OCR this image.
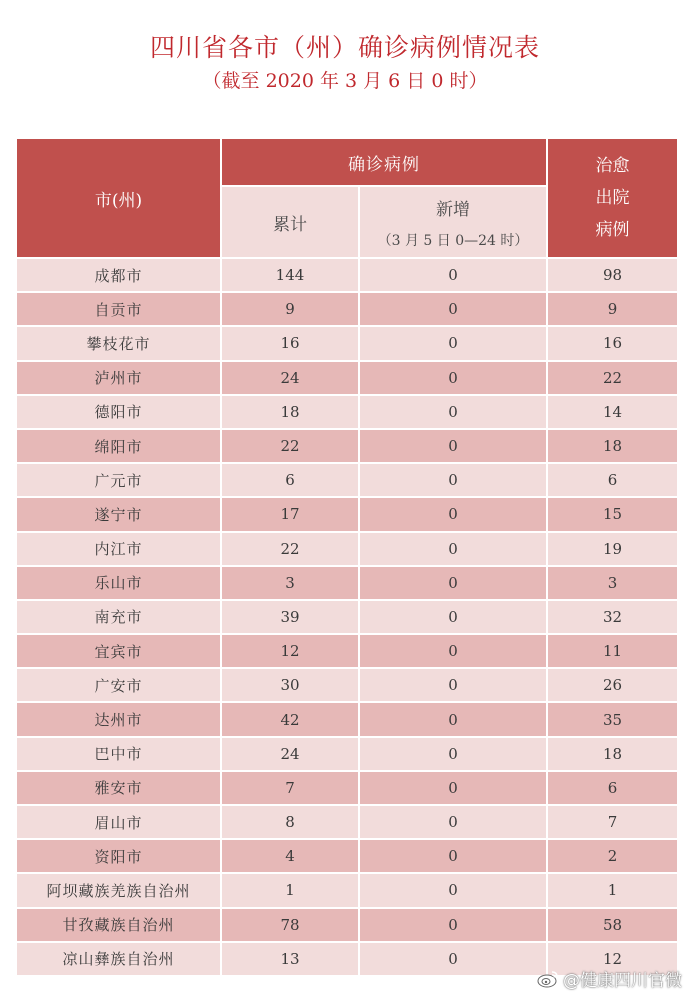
四川省各市（州）确诊病例情况表
（截至 2020 年 3 月 6 日 0 时）
市(州)	确诊病例		治愈
出院
病例
	累计	新增
（3 月 5 日 0—24 时）	

成都市	144	0	98
自贡市	9	0	9
攀枝花市	16	0	16
泸州市	24	0	22
德阳市	18	0	14
绵阳市	22	0	18
广元市	6	0	6
遂宁市	17	0	15
内江市	22	0	19
乐山市	3	0	3
南充市	39	0	32
宜宾市	12	0	11
广安市	30	0	26
达州市	42	0	35
巴中市	24	0	18
雅安市	7	0	6
眉山市	8	0	7
资阳市	4	0	2
阿坝藏族羌族自治州	1	0	1
甘孜藏族自治州	78	0	58
凉山彝族自治州	13	0	12
@健康四川官微
